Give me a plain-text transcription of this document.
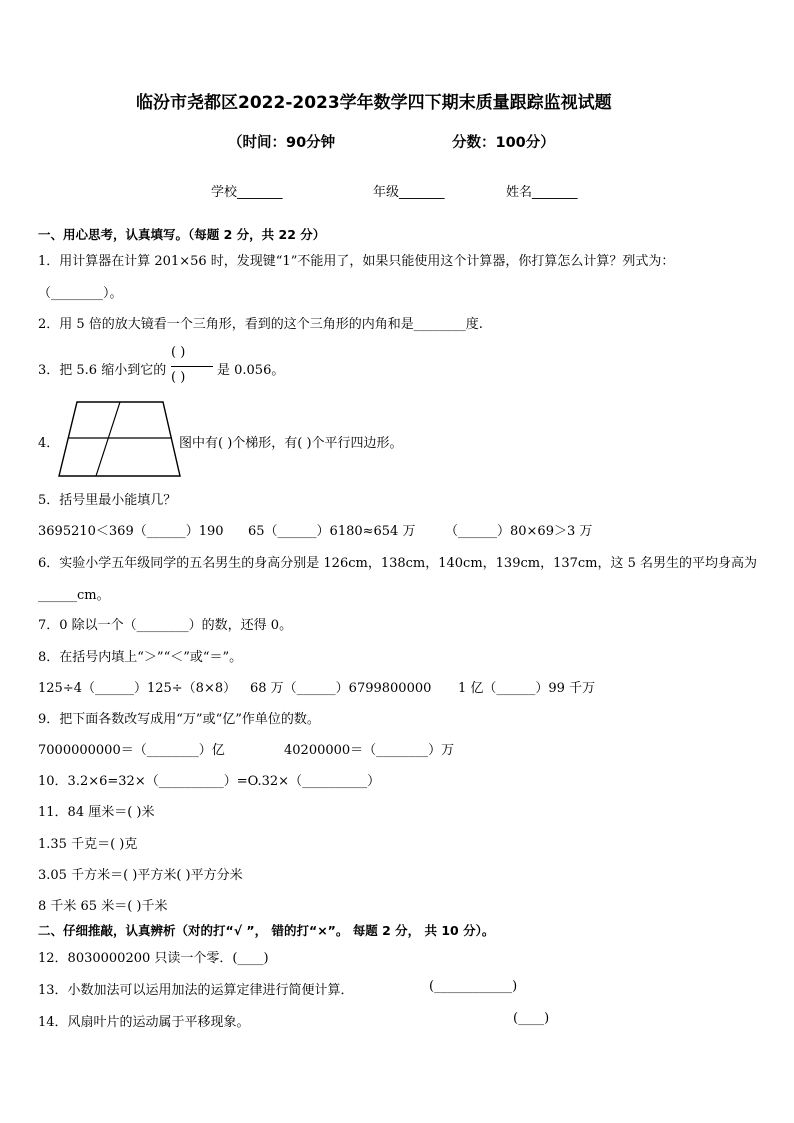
临汾市尧都区2022-2023学年数学四下期末质量跟踪监视试题
（时间：90分钟	分数：100分）
学校_______	年级_______	姓名_______
一、用心思考，认真填写。（每题 2 分，共 22 分）
1．用计算器在计算 201×56 时，发现键“1”不能用了，如果只能使用这个计算器，你打算怎么计算？列式为：
（________）。
2．用 5 倍的放大镜看一个三角形，看到的这个三角形的内角和是________度.
3．把 5.6 缩小到它的
( )
( )	是 0.056。
4．	图中有( )个梯形，有( )个平行四边形。
5．括号里最小能填几？
3695210＜369（______）190 65（______）6180≈654 万 （______）80×69＞3 万
6．实验小学五年级同学的五名男生的身高分别是 126cm，138cm，140cm，139cm，137cm，这 5 名男生的平均身高为
______cm。
7．0 除以一个（________）的数，还得 0。
8．在括号内填上“＞”“＜”或“＝”。
125÷4（______）125÷（8×8） 68 万（______）6799800000 1 亿（______）99 千万
9．把下面各数改写成用“万”或“亿”作单位的数。
7000000000＝（________）亿	40200000＝（________）万
10．3.2×6=32×（__________）=O.32×（__________）
11．84 厘米＝( )米
1.35 千克＝( )克
3.05 千方米＝( )平方米( )平方分米
8 千米 65 米＝( )千米
二、仔细推敲，认真辨析（对的打“√ ”， 错的打“×”。 每题 2 分， 共 10 分）。
12．8030000200 只读一个零．(____)
13．小数加法可以运用加法的运算定律进行简便计算．	(____________)
14．风扇叶片的运动属于平移现象。	(____)
